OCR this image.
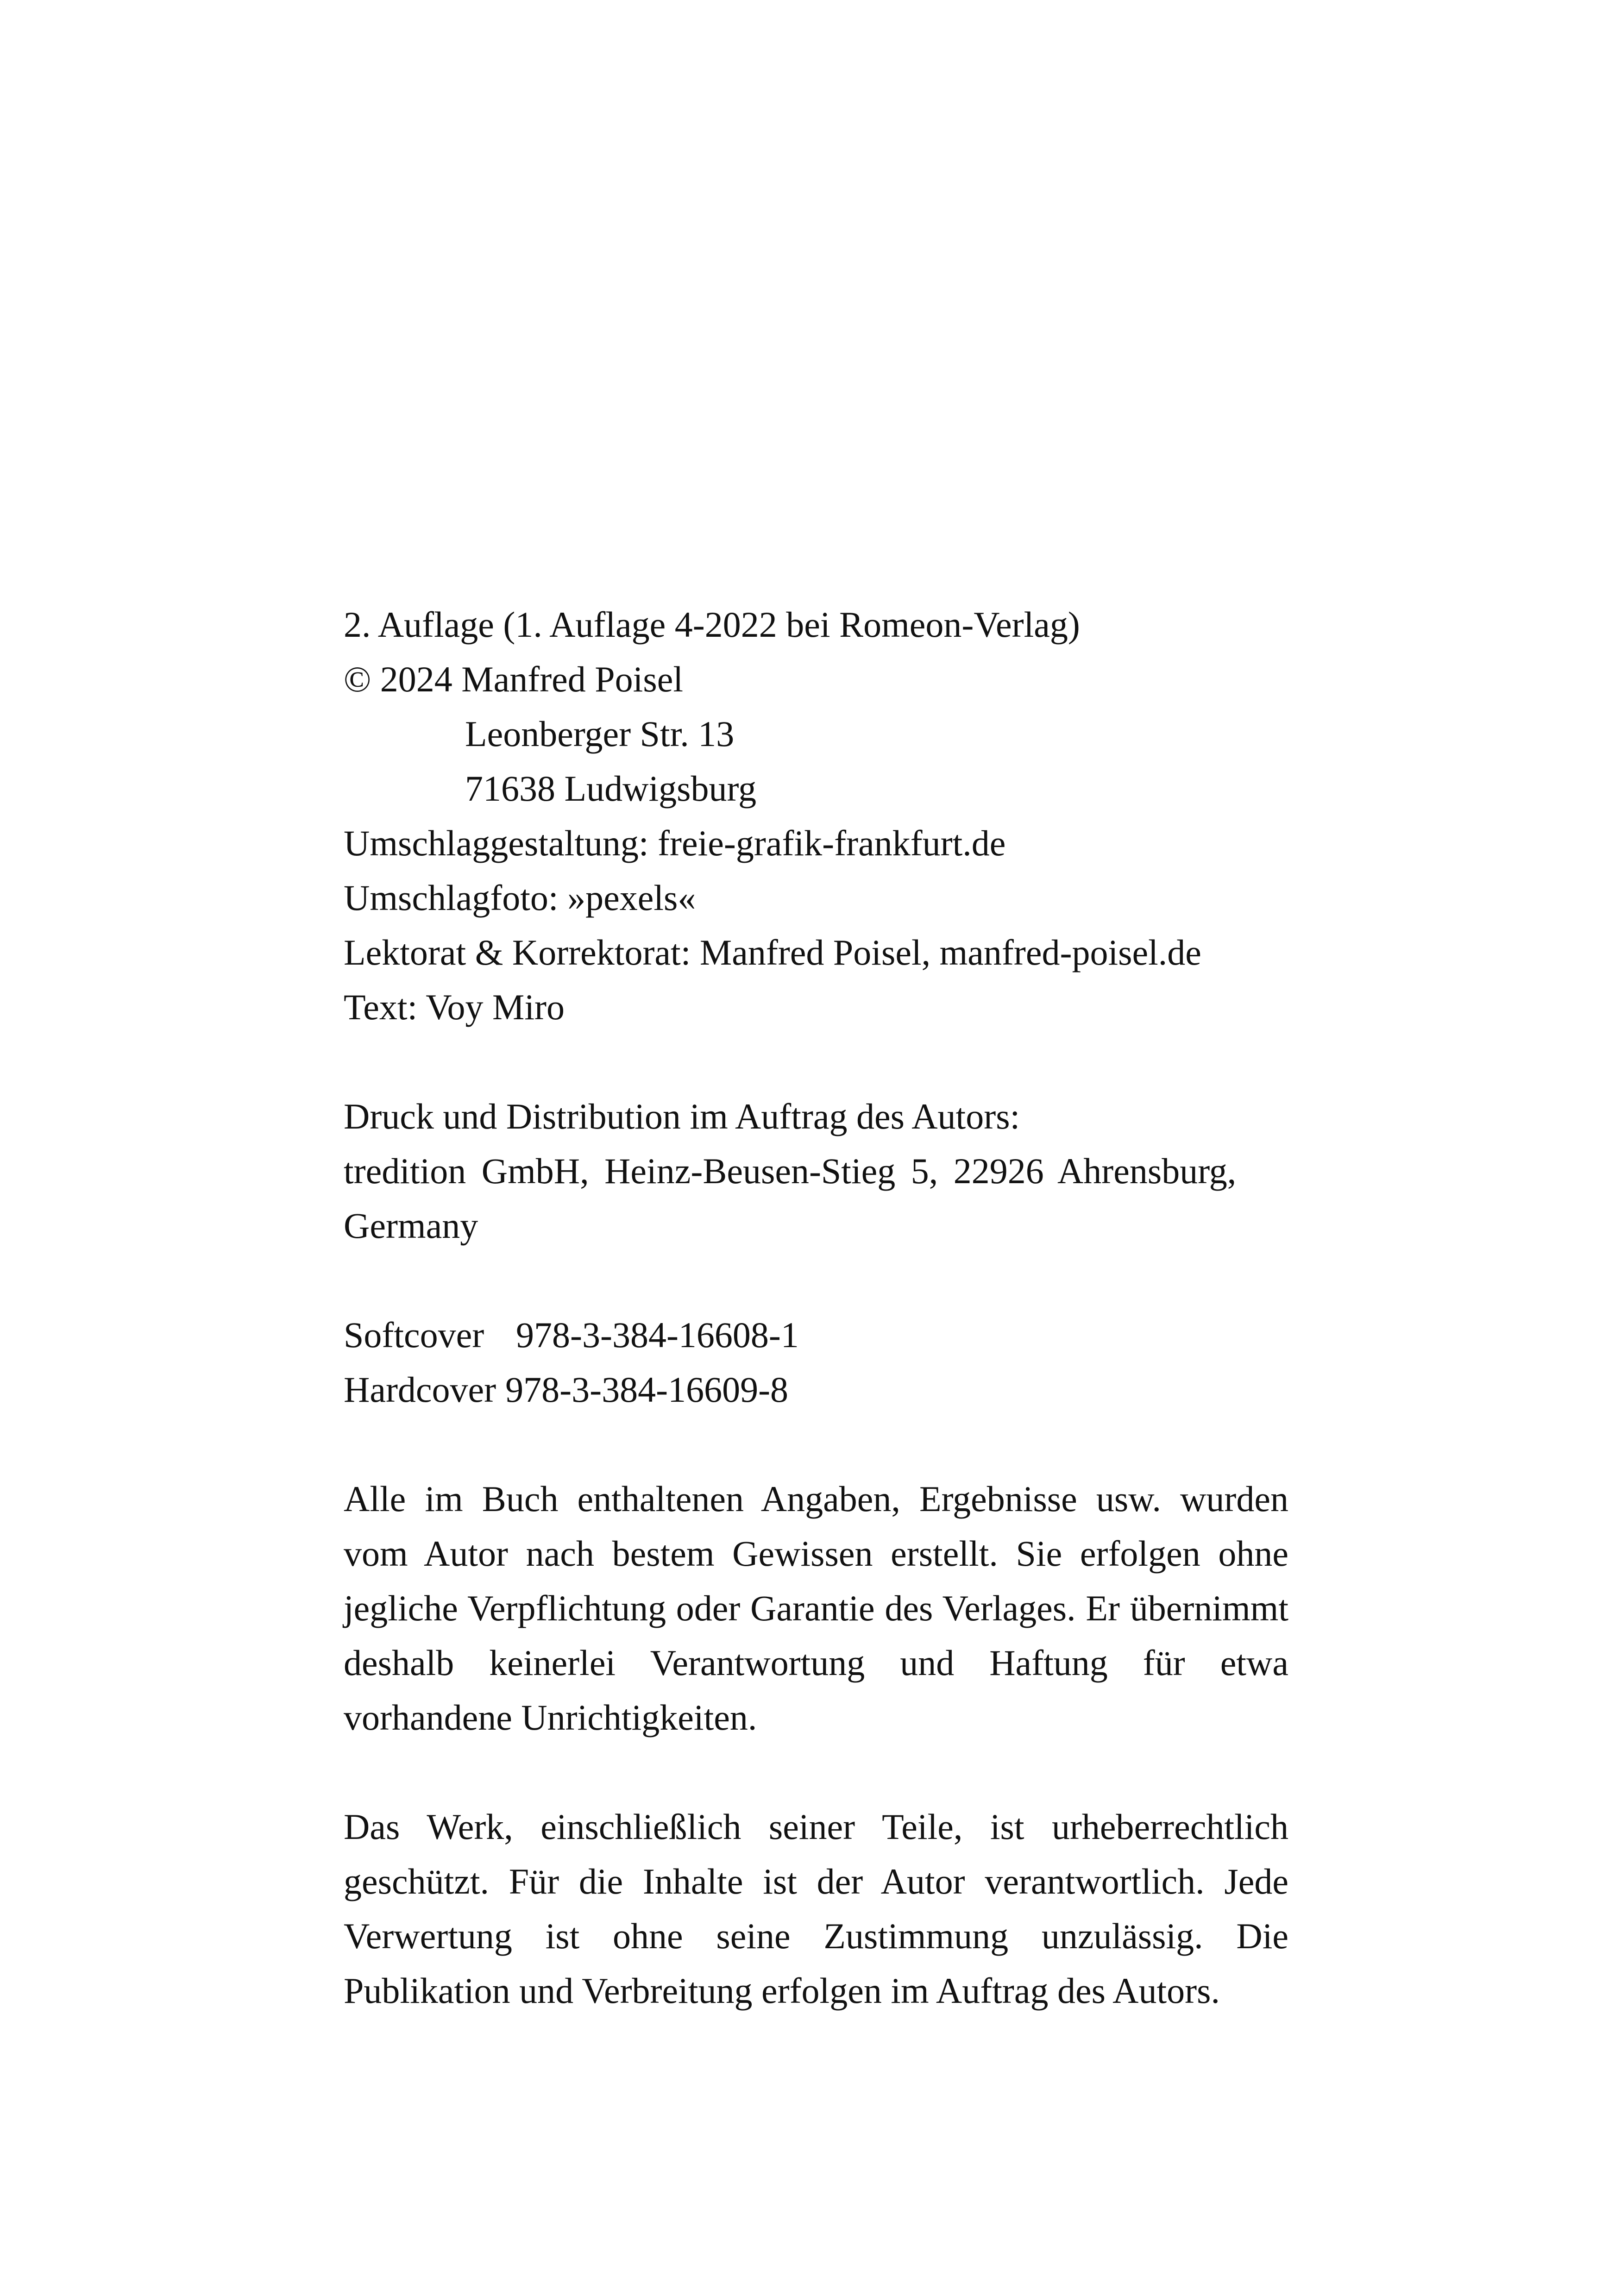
2. Auflage (1. Auflage 4-2022 bei Romeon-Verlag)
© 2024 Manfred Poisel
Leonberger Str. 13
71638 Ludwigsburg
Umschlaggestaltung: freie-grafik-frankfurt.de
Umschlagfoto: »pexels«
Lektorat & Korrektorat: Manfred Poisel, manfred-poisel.de
Text: Voy Miro
Druck und Distribution im Auftrag des Autors:
tredition GmbH, Heinz-Beusen-Stieg 5, 22926 Ahrensburg,
Germany
Softcover 978-3-384-16608-1
Hardcover 978-3-384-16609-8
Alle im Buch enthaltenen Angaben, Ergebnisse usw. wurden vom Autor nach bestem Gewissen erstellt. Sie erfolgen ohne jegliche Verpflichtung oder Garantie des Verlages. Er übernimmt deshalb keinerlei Verantwortung und Haftung für etwa vorhandene Unrichtigkeiten.
Das Werk, einschließlich seiner Teile, ist urheberrechtlich geschützt. Für die Inhalte ist der Autor verantwortlich. Jede Verwertung ist ohne seine Zustimmung unzulässig. Die Publikation und Verbreitung erfolgen im Auftrag des Autors.
